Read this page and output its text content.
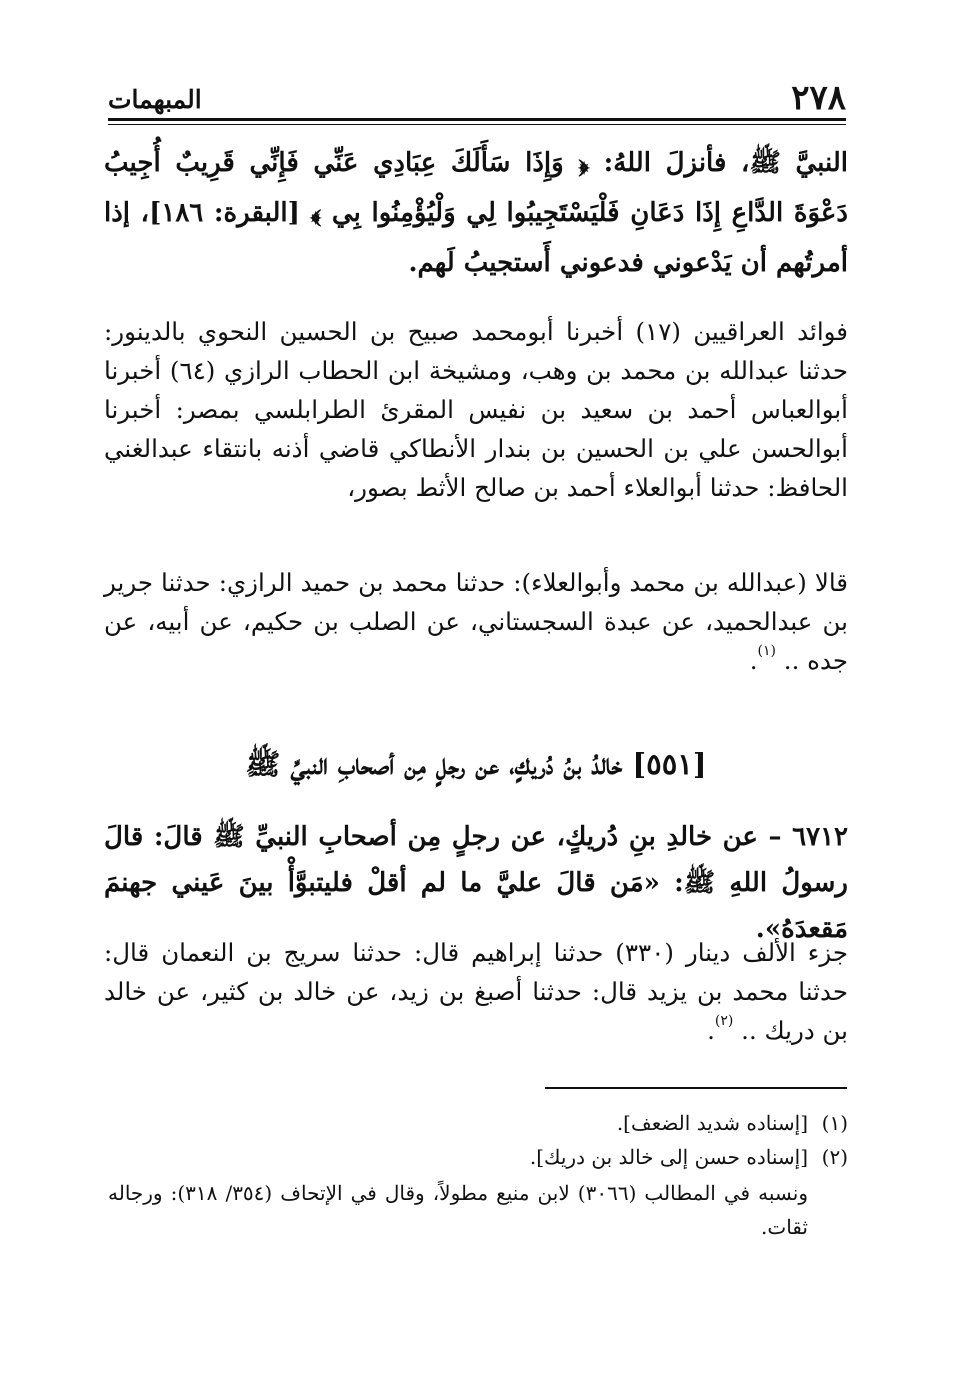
٢٧٨
المبهمات
النبيَّ ﷺ، فأنزلَ اللهُ: ﴿ وَإِذَا سَأَلَكَ عِبَادِي عَنِّي فَإِنِّي قَرِيبٌ أُجِيبُ دَعْوَةَ الدَّاعِ إِذَا دَعَانِ فَلْيَسْتَجِيبُوا لِي وَلْيُؤْمِنُوا بِي ﴾ [البقرة: ١٨٦]، إذا أمرتُهم أن يَدْعوني فدعوني أَستجيبُ لَهم.
فوائد العراقيين (١٧) أخبرنا أبومحمد صبيح بن الحسين النحوي بالدينور: حدثنا عبدالله بن محمد بن وهب، ومشيخة ابن الحطاب الرازي (٦٤) أخبرنا أبوالعباس أحمد بن سعيد بن نفيس المقرئ الطرابلسي بمصر: أخبرنا أبوالحسن علي بن الحسين بن بندار الأنطاكي قاضي أذنه بانتقاء عبدالغني الحافظ: حدثنا أبوالعلاء أحمد بن صالح الأثط بصور،
قالا (عبدالله بن محمد وأبوالعلاء): حدثنا محمد بن حميد الرازي: حدثنا جرير بن عبدالحميد، عن عبدة السجستاني، عن الصلب بن حكيم، عن أبيه، عن جده .. $^{(١)}$.
[٥٥١] خالدُ بنُ دُريكٍ، عن رجلٍ مِن أصحابِ النبيِّ ﷺ
٦٧١٢ – عن خالدِ بنِ دُريكٍ، عن رجلٍ مِن أصحابِ النبيِّ ﷺ قالَ: قالَ رسولُ اللهِ ﷺ: «مَن قالَ عليَّ ما لم أقلْ فليتبوَّأْ بينَ عَيني جهنمَ مَقعدَهُ».
جزء الألف دينار (٣٣٠) حدثنا إبراهيم قال: حدثنا سريج بن النعمان قال: حدثنا محمد بن يزيد قال: حدثنا أصبغ بن زيد، عن خالد بن كثير، عن خالد بن دريك .. $^{(٢)}$.
(١)[إسناده شديد الضعف].
(٢)[إسناده حسن إلى خالد بن دريك].
ونسبه في المطالب (٣٠٦٦) لابن منيع مطولاً، وقال في الإتحاف (٣٥٤/ ٣١٨): ورجاله ثقات.
